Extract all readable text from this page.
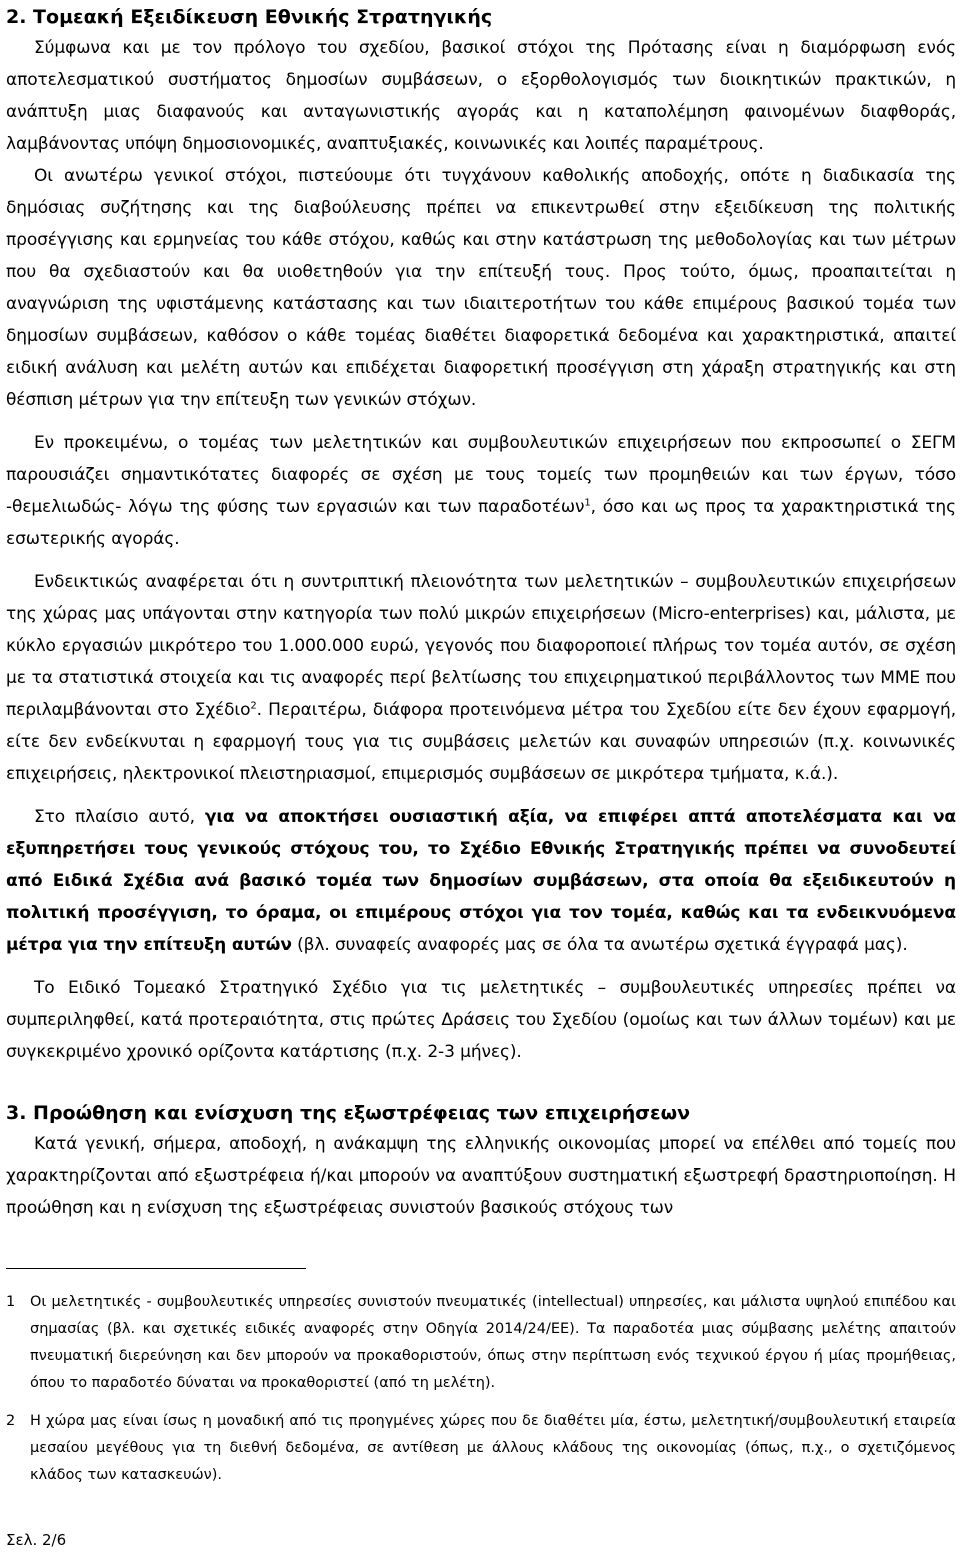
2. Τομεακή Εξειδίκευση Εθνικής Στρατηγικής

Σύμφωνα και με τον πρόλογο του σχεδίου, βασικοί στόχοι της Πρότασης είναι η διαμόρφωση ενός αποτελεσματικού συστήματος δημοσίων συμβάσεων, ο εξορθολογισμός των διοικητικών πρακτικών, η ανάπτυξη μιας διαφανούς και ανταγωνιστικής αγοράς και η καταπολέμηση φαινομένων διαφθοράς, λαμβάνοντας υπόψη δημοσιονομικές, αναπτυξιακές, κοινωνικές και λοιπές παραμέτρους.

Οι ανωτέρω γενικοί στόχοι, πιστεύουμε ότι τυγχάνουν καθολικής αποδοχής, οπότε η διαδικασία της δημόσιας συζήτησης και της διαβούλευσης πρέπει να επικεντρωθεί στην εξειδίκευση της πολιτικής προσέγγισης και ερμηνείας του κάθε στόχου, καθώς και στην κατάστρωση της μεθοδολογίας και των μέτρων που θα σχεδιαστούν και θα υιοθετηθούν για την επίτευξή τους. Προς τούτο, όμως, προαπαιτείται η αναγνώριση της υφιστάμενης κατάστασης και των ιδιαιτεροτήτων του κάθε επιμέρους βασικού τομέα των δημοσίων συμβάσεων, καθόσον ο κάθε τομέας διαθέτει διαφορετικά δεδομένα και χαρακτηριστικά, απαιτεί ειδική ανάλυση και μελέτη αυτών και επιδέχεται διαφορετική προσέγγιση στη χάραξη στρατηγικής και στη θέσπιση μέτρων για την επίτευξη των γενικών στόχων.

Εν προκειμένω, ο τομέας των μελετητικών και συμβουλευτικών επιχειρήσεων που εκπροσωπεί ο ΣΕΓΜ παρουσιάζει σημαντικότατες διαφορές σε σχέση με τους τομείς των προμηθειών και των έργων, τόσο -θεμελιωδώς- λόγω της φύσης των εργασιών και των παραδοτέων$^1$, όσο και ως προς τα χαρακτηριστικά της εσωτερικής αγοράς.

Ενδεικτικώς αναφέρεται ότι η συντριπτική πλειονότητα των μελετητικών – συμβουλευτικών επιχειρήσεων της χώρας μας υπάγονται στην κατηγορία των πολύ μικρών επιχειρήσεων (Micro-enterprises) και, μάλιστα, με κύκλο εργασιών μικρότερο του 1.000.000 ευρώ, γεγονός που διαφοροποιεί πλήρως τον τομέα αυτόν, σε σχέση με τα στατιστικά στοιχεία και τις αναφορές περί βελτίωσης του επιχειρηματικού περιβάλλοντος των ΜΜΕ που περιλαμβάνονται στο Σχέδιο$^2$. Περαιτέρω, διάφορα προτεινόμενα μέτρα του Σχεδίου είτε δεν έχουν εφαρμογή, είτε δεν ενδείκνυται η εφαρμογή τους για τις συμβάσεις μελετών και συναφών υπηρεσιών (π.χ. κοινωνικές επιχειρήσεις, ηλεκτρονικοί πλειστηριασμοί, επιμερισμός συμβάσεων σε μικρότερα τμήματα, κ.ά.).

Στο πλαίσιο αυτό, για να αποκτήσει ουσιαστική αξία, να επιφέρει απτά αποτελέσματα και να εξυπηρετήσει τους γενικούς στόχους του, το Σχέδιο Εθνικής Στρατηγικής πρέπει να συνοδευτεί από Ειδικά Σχέδια ανά βασικό τομέα των δημοσίων συμβάσεων, στα οποία θα εξειδικευτούν η πολιτική προσέγγιση, το όραμα, οι επιμέρους στόχοι για τον τομέα, καθώς και τα ενδεικνυόμενα μέτρα για την επίτευξη αυτών (βλ. συναφείς αναφορές μας σε όλα τα ανωτέρω σχετικά έγγραφά μας).

Το Ειδικό Τομεακό Στρατηγικό Σχέδιο για τις μελετητικές – συμβουλευτικές υπηρεσίες πρέπει να συμπεριληφθεί, κατά προτεραιότητα, στις πρώτες Δράσεις του Σχεδίου (ομοίως και των άλλων τομέων) και με συγκεκριμένο χρονικό ορίζοντα κατάρτισης (π.χ. 2-3 μήνες).

3. Προώθηση και ενίσχυση της εξωστρέφειας των επιχειρήσεων

Κατά γενική, σήμερα, αποδοχή, η ανάκαμψη της ελληνικής οικονομίας μπορεί να επέλθει από τομείς που χαρακτηρίζονται από εξωστρέφεια ή/και μπορούν να αναπτύξουν συστηματική εξωστρεφή δραστηριοποίηση. Η προώθηση και η ενίσχυση της εξωστρέφειας συνιστούν βασικούς στόχους των

1 Οι μελετητικές - συμβουλευτικές υπηρεσίες συνιστούν πνευματικές (intellectual) υπηρεσίες, και μάλιστα υψηλού επιπέδου και σημασίας (βλ. και σχετικές ειδικές αναφορές στην Οδηγία 2014/24/ΕΕ). Τα παραδοτέα μιας σύμβασης μελέτης απαιτούν πνευματική διερεύνηση και δεν μπορούν να προκαθοριστούν, όπως στην περίπτωση ενός τεχνικού έργου ή μίας προμήθειας, όπου το παραδοτέο δύναται να προκαθοριστεί (από τη μελέτη).

2 Η χώρα μας είναι ίσως η μοναδική από τις προηγμένες χώρες που δε διαθέτει μία, έστω, μελετητική/συμβουλευτική εταιρεία μεσαίου μεγέθους για τη διεθνή δεδομένα, σε αντίθεση με άλλους κλάδους της οικονομίας (όπως, π.χ., ο σχετιζόμενος κλάδος των κατασκευών).

Σελ. 2/6
